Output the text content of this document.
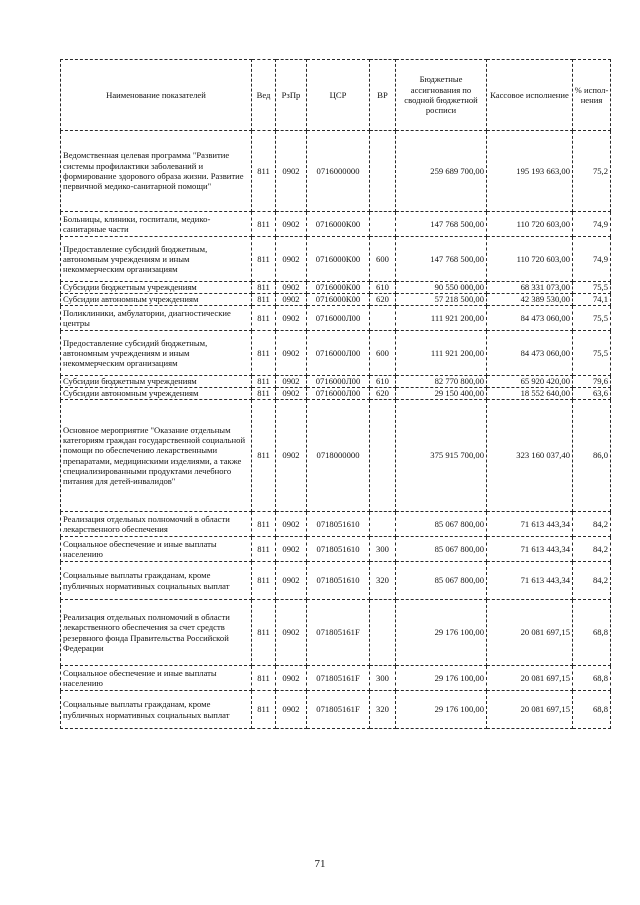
Наименование показателей	Вед	РзПр	ЦСР	ВР	Бюджетные ассигнования по сводной бюджетной росписи	Кассовое исполнение	% испол-нения
Ведомственная целевая программа "Развитие системы профилактики заболеваний и формирование здорового образа жизни. Развитие первичной медико-санитарной помощи"	811	0902	0716000000		259 689 700,00	195 193 663,00	75,2
Больницы, клиники, госпитали, медико-санитарные части	811	0902	0716000К00		147 768 500,00	110 720 603,00	74,9
Предоставление субсидий бюджетным, автономным учреждениям и иным некоммерческим организациям	811	0902	0716000К00	600	147 768 500,00	110 720 603,00	74,9
Субсидии бюджетным учреждениям	811	0902	0716000К00	610	90 550 000,00	68 331 073,00	75,5
Субсидии автономным учреждениям	811	0902	0716000К00	620	57 218 500,00	42 389 530,00	74,1
Поликлиники, амбулатории, диагностические центры	811	0902	0716000Л00		111 921 200,00	84 473 060,00	75,5
Предоставление субсидий бюджетным, автономным учреждениям и иным некоммерческим организациям	811	0902	0716000Л00	600	111 921 200,00	84 473 060,00	75,5
Субсидии бюджетным учреждениям	811	0902	0716000Л00	610	82 770 800,00	65 920 420,00	79,6
Субсидии автономным учреждениям	811	0902	0716000Л00	620	29 150 400,00	18 552 640,00	63,6
Основное мероприятие "Оказание отдельным категориям граждан государственной социальной помощи по обеспечению лекарственными препаратами, медицинскими изделиями, а также специализированными продуктами лечебного питания для детей-инвалидов"	811	0902	0718000000		375 915 700,00	323 160 037,40	86,0
Реализация отдельных полномочий в области лекарственного обеспечения	811	0902	0718051610		85 067 800,00	71 613 443,34	84,2
Социальное обеспечение и иные выплаты населению	811	0902	0718051610	300	85 067 800,00	71 613 443,34	84,2
Социальные выплаты гражданам, кроме публичных нормативных социальных выплат	811	0902	0718051610	320	85 067 800,00	71 613 443,34	84,2
Реализация отдельных полномочий в области лекарственного обеспечения за счет средств резервного фонда Правительства Российской Федерации	811	0902	071805161F		29 176 100,00	20 081 697,15	68,8
Социальное обеспечение и иные выплаты населению	811	0902	071805161F	300	29 176 100,00	20 081 697,15	68,8
Социальные выплаты гражданам, кроме публичных нормативных социальных выплат	811	0902	071805161F	320	29 176 100,00	20 081 697,15	68,8
71
